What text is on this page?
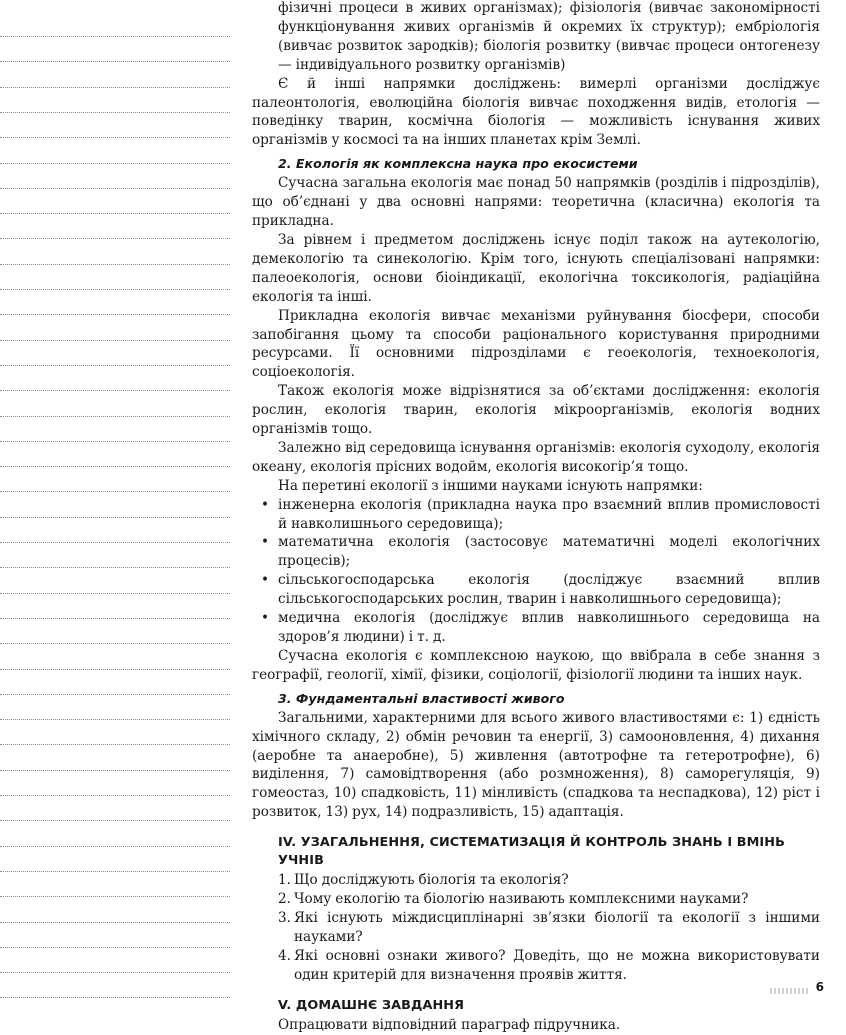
фізичні процеси в живих організмах); фізіологія (вивчає закономірності функціонування живих організмів й окремих їх структур); ембріологія (вивчає розвиток зародків); біологія розвитку (вивчає процеси онтогенезу — індивідуального розвитку організмів)

Є й інші напрямки досліджень: вимерлі організми досліджує палеонтологія, еволюційна біологія вивчає походження видів, етологія — поведінку тварин, космічна біологія — можливість існування живих організмів у космосі та на інших планетах крім Землі.

2. Екологія як комплексна наука про екосистеми

Сучасна загальна екологія має понад 50 напрямків (розділів і підрозділів), що об’єднані у два основні напрями: теоретична (класична) екологія та прикладна.

За рівнем і предметом досліджень існує поділ також на аутекологію, демекологію та синекологію. Крім того, існують спеціалізовані напрямки: палеоекологія, основи біоіндикації, екологічна токсикологія, радіаційна екологія та інші.

Прикладна екологія вивчає механізми руйнування біосфери, способи запобігання цьому та способи раціонального користування природними ресурсами. Її основними підрозділами є геоекологія, техноекологія, соціоекологія.

Також екологія може відрізнятися за об’єктами дослідження: екологія рослин, екологія тварин, екологія мікроорганізмів, екологія водних організмів тощо.

Залежно від середовища існування організмів: екологія суходолу, екологія океану, екологія прісних водойм, екологія високогір’я тощо.

На перетині екології з іншими науками існують напрямки:

• інженерна екологія (прикладна наука про взаємний вплив промисловості й навколишнього середовища);
• математична екологія (застосовує математичні моделі екологічних процесів);
• сільськогосподарська екологія (досліджує взаємний вплив сільськогосподарських рослин, тварин і навколишнього середовища);
• медична екологія (досліджує вплив навколишнього середовища на здоров’я людини) і т. д.

Сучасна екологія є комплексною наукою, що ввібрала в себе знання з географії, геології, хімії, фізики, соціології, фізіології людини та інших наук.

3. Фундаментальні властивості живого

Загальними, характерними для всього живого властивостями є: 1) єдність хімічного складу, 2) обмін речовин та енергії, 3) самооновлення, 4) дихання (аеробне та анаеробне), 5) живлення (автотрофне та гетеротрофне), 6) виділення, 7) самовідтворення (або розмноження), 8) саморегуляція, 9) гомеостаз, 10) спадковість, 11) мінливість (спадкова та неспадкова), 12) ріст і розвиток, 13) рух, 14) подразливість, 15) адаптація.

IV. УЗАГАЛЬНЕННЯ, СИСТЕМАТИЗАЦІЯ Й КОНТРОЛЬ ЗНАНЬ І ВМІНЬ УЧНІВ
1. Що досліджують біологія та екологія?
2. Чому екологію та біологію називають комплексними науками?
3. Які існують міждисциплінарні зв’язки біології та екології з іншими науками?
4. Які основні ознаки живого? Доведіть, що не можна використовувати один критерій для визначення проявів життя.
V. ДОМАШНЄ ЗАВДАННЯ

Опрацювати відповідний параграф підручника.

6
